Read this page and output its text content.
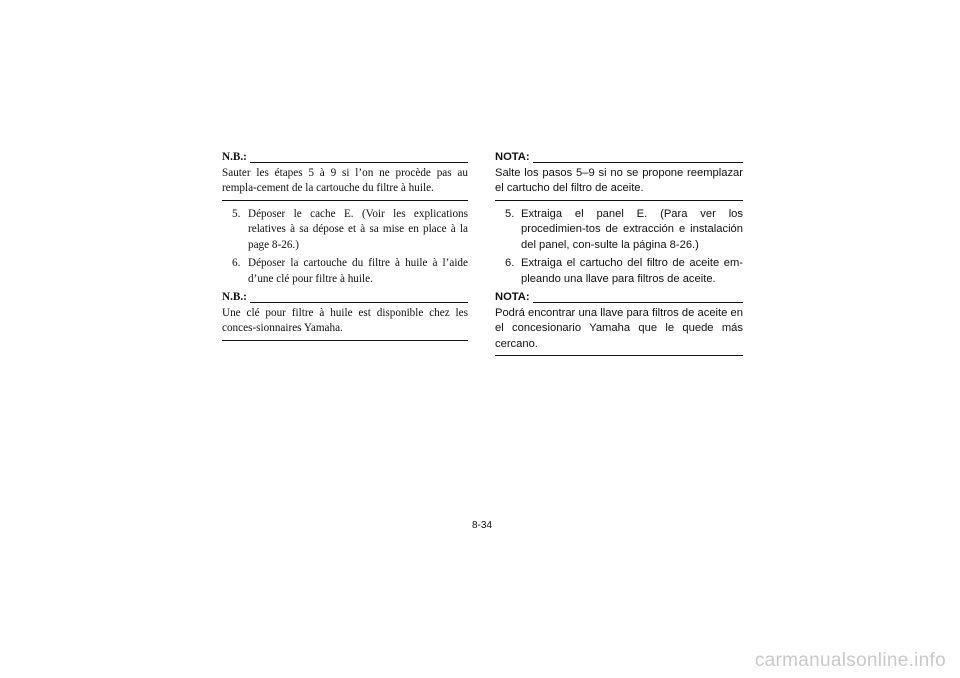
N.B.:
Sauter les étapes 5 à 9 si l’on ne procède pas au rempla-cement de la cartouche du filtre à huile.
5. Déposer le cache E. (Voir les explications relatives à sa dépose et à sa mise en place à la page 8-26.)
6. Déposer la cartouche du filtre à huile à l’aide d’une clé pour filtre à huile.
N.B.:
Une clé pour filtre à huile est disponible chez les conces-sionnaires Yamaha.
NOTA:
Salte los pasos 5–9 si no se propone reemplazar el cartucho del filtro de aceite.
5. Extraiga el panel E. (Para ver los procedimien-tos de extracción e instalación del panel, con-sulte la página 8-26.)
6. Extraiga el cartucho del filtro de aceite em-pleando una llave para filtros de aceite.
NOTA:
Podrá encontrar una llave para filtros de aceite en el concesionario Yamaha que le quede más cercano.
8-34
carmanualsonline.info
